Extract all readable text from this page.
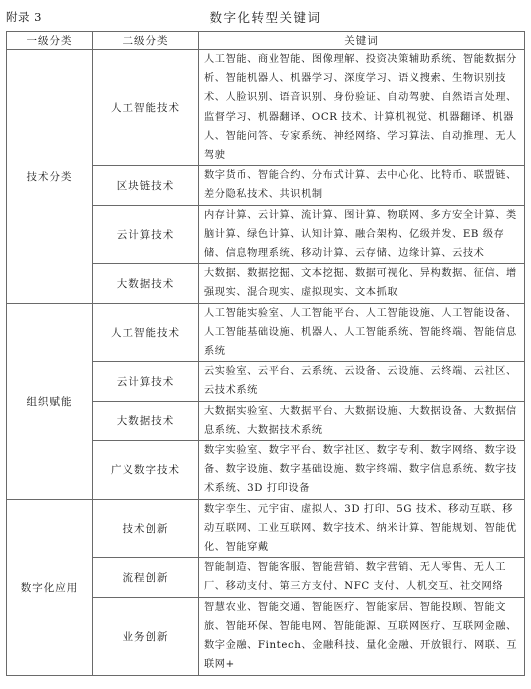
附录 3	数字化转型关键词
一级分类	二级分类	关键词
技术分类	人工智能技术	人工智能、商业智能、图像理解、投资决策辅助系统、智能数据分析、智能机器人、机器学习、深度学习、语义搜索、生物识别技术、人脸识别、语音识别、身份验证、自动驾驶、自然语言处理、监督学习、机器翻译、OCR 技术、计算机视觉、机器翻译、机器人、智能问答、专家系统、神经网络、学习算法、自动推理、无人驾驶

	区块链技术	数字货币、智能合约、分布式计算、去中心化、比特币、联盟链、差分隐私技术、共识机制

	云计算技术	内存计算、云计算、流计算、图计算、物联网、多方安全计算、类脑计算、绿色计算、认知计算、融合架构、亿级并发、EB 级存储、信息物理系统、移动计算、云存储、边缘计算、云技术

	大数据技术	大数据、数据挖掘、文本挖掘、数据可视化、异构数据、征信、增强现实、混合现实、虚拟现实、文本抓取

组织赋能	人工智能技术	人工智能实验室、人工智能平台、人工智能设施、人工智能设备、人工智能基础设施、机器人、人工智能系统、智能终端、智能信息系统

	云计算技术	云实验室、云平台、云系统、云设备、云设施、云终端、云社区、云技术系统

	大数据技术	大数据实验室、大数据平台、大数据设施、大数据设备、大数据信息系统、大数据技术系统

	广义数字技术	数字实验室、数字平台、数字社区、数字专利、数字网络、数字设备、数字设施、数字基础设施、数字终端、数字信息系统、数字技术系统、3D 打印设备

数字化应用	技术创新	数字孪生、元宇宙、虚拟人、3D 打印、5G 技术、移动互联、移动互联网、工业互联网、数字技术、纳米计算、智能规划、智能优化、智能穿戴

	流程创新	智能制造、智能客服、智能营销、数字营销、无人零售、无人工厂、移动支付、第三方支付、NFC 支付、人机交互、社交网络

	业务创新	智慧农业、智能交通、智能医疗、智能家居、智能投顾、智能文旅、智能环保、智能电网、智能能源、互联网医疗、互联网金融、数字金融、Fintech、金融科技、量化金融、开放银行、网联、互联网+
